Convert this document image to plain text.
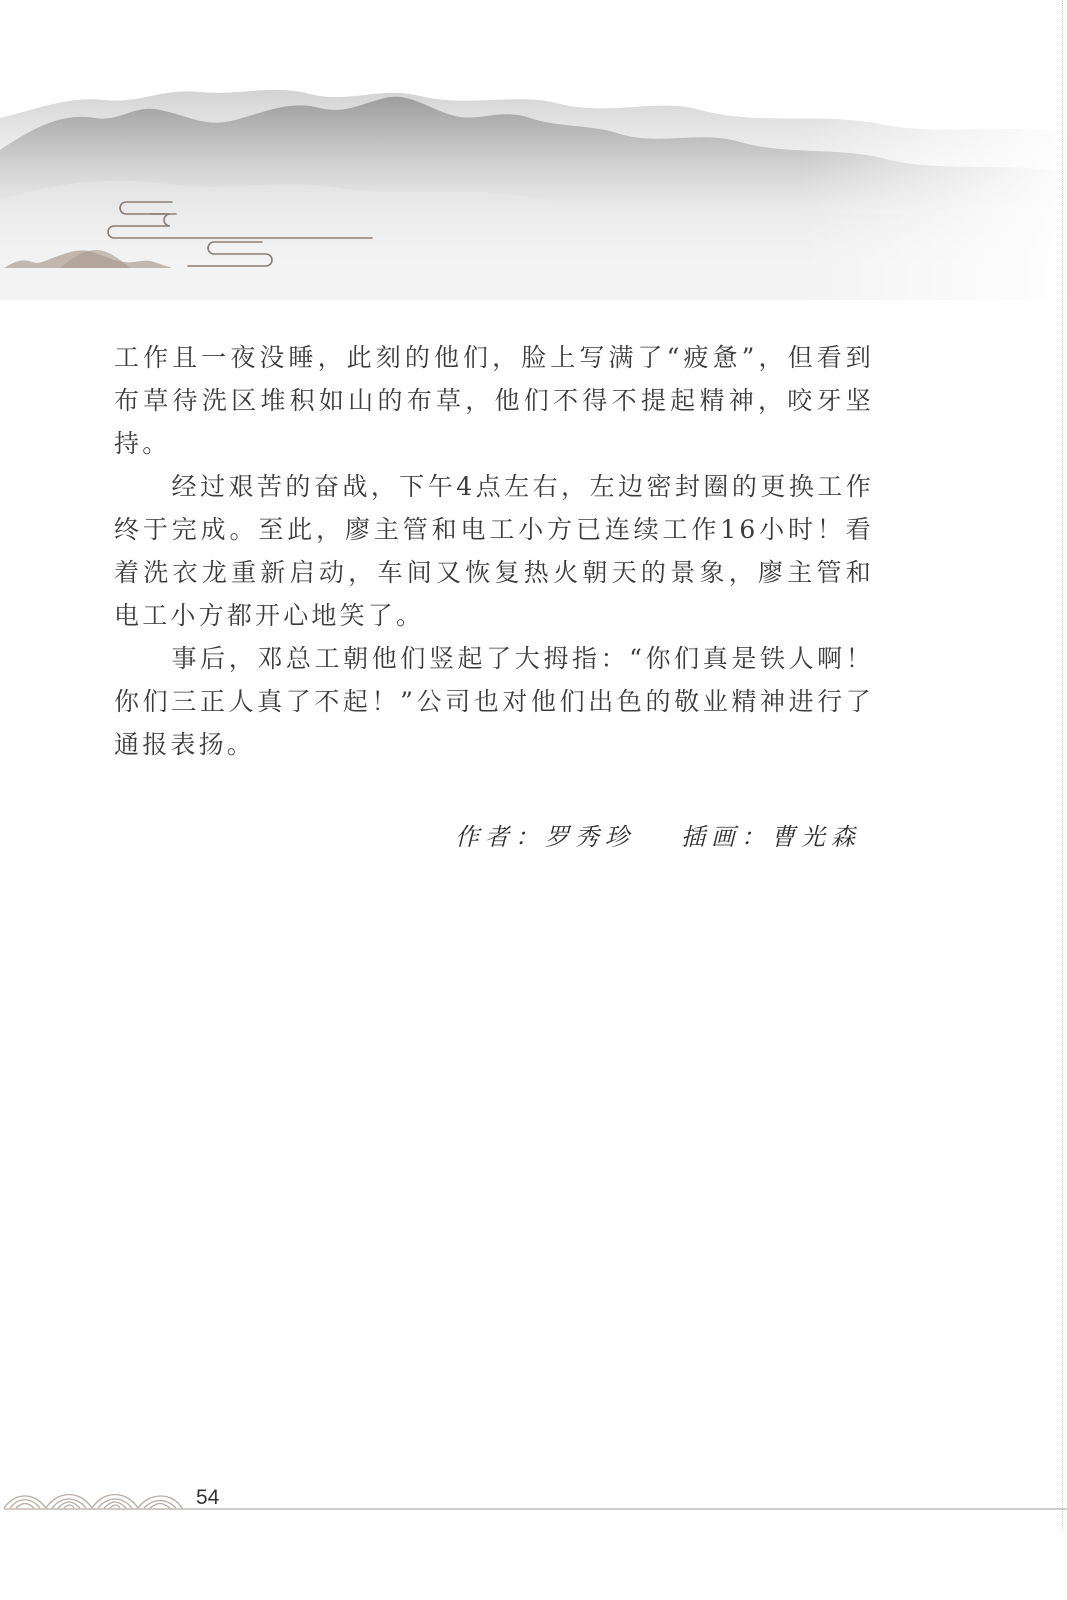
工作且一夜没睡，此刻的他们，脸上写满了“疲惫”，但看到布草待洗区堆积如山的布草，他们不得不提起精神，咬牙坚持。

经过艰苦的奋战，下午4点左右，左边密封圈的更换工作终于完成。至此，廖主管和电工小方已连续工作16小时！看着洗衣龙重新启动，车间又恢复热火朝天的景象，廖主管和电工小方都开心地笑了。

事后，邓总工朝他们竖起了大拇指：“你们真是铁人啊！你们三正人真了不起！”公司也对他们出色的敬业精神进行了通报表扬。

作者：罗秀珍 插画：曹光森
54
